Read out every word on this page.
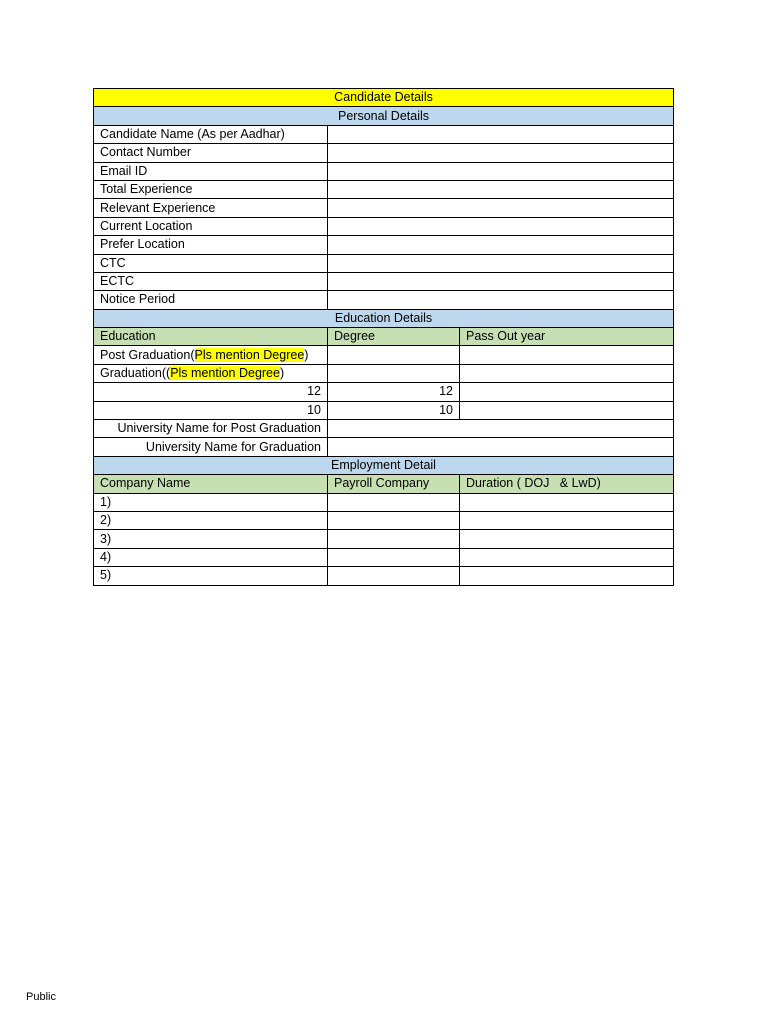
Candidate Details		
Personal Details		
Candidate Name (As per Aadhar)		
Contact Number		
Email ID		
Total Experience		
Relevant Experience		
Current Location		
Prefer Location		
CTC		
ECTC		
Notice Period		
Education Details		
Education	Degree	Pass Out year
Post Graduation(Pls mention Degree)		
Graduation((Pls mention Degree)		
12	12	
10	10	
University Name for Post Graduation		
University Name for Graduation		
Employment Detail		
Company Name	Payroll Company	Duration ( DOJ   & LwD)
1)		
2)		
3)		
4)		
5)		
Public
